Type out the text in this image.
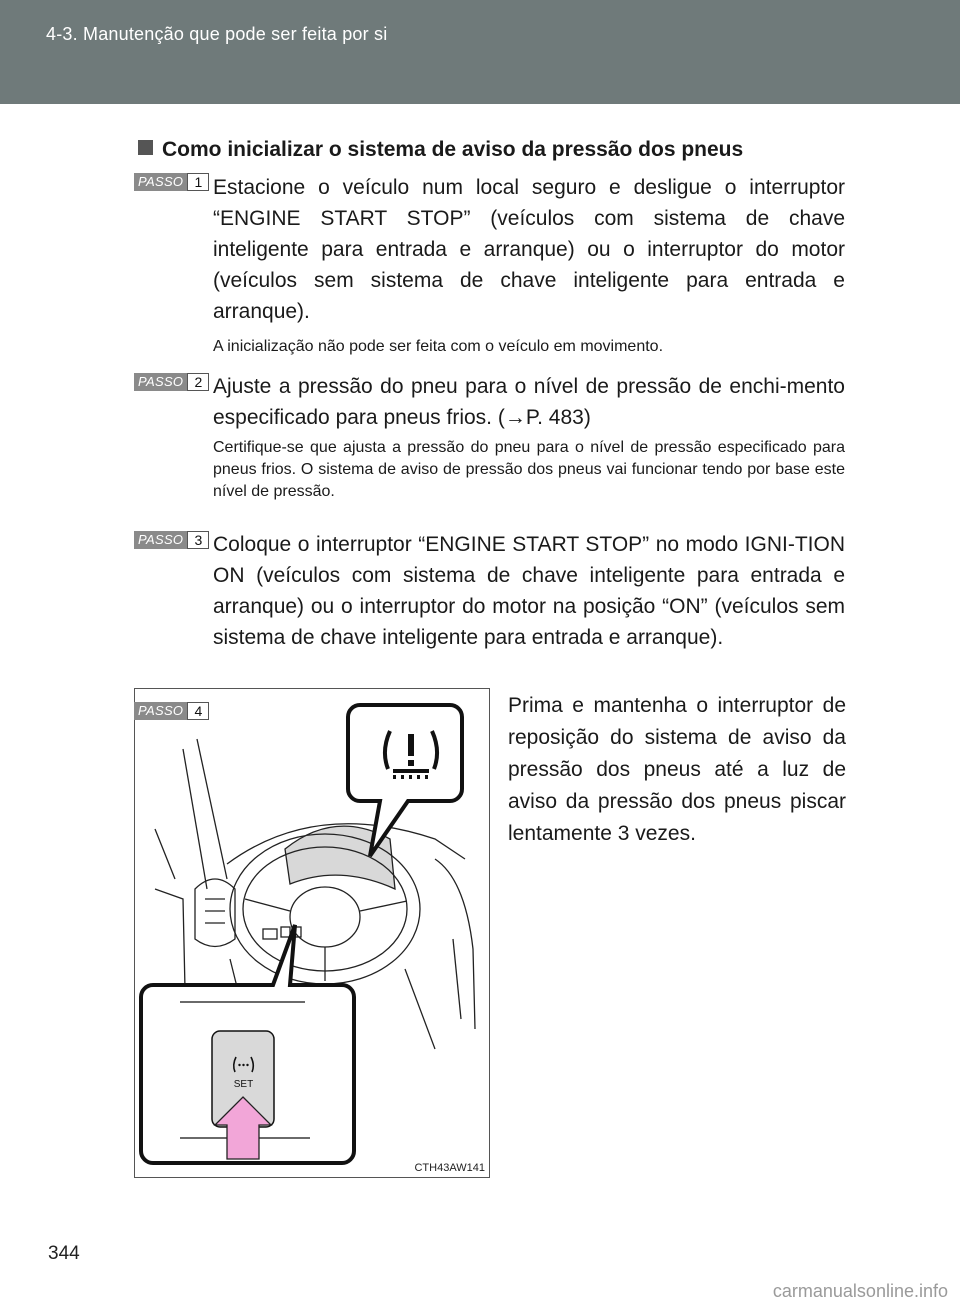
4-3. Manutenção que pode ser feita por si
Como inicializar o sistema de aviso da pressão dos pneus
PASSO 1 Estacione o veículo num local seguro e desligue o interruptor “ENGINE START STOP” (veículos com sistema de chave inteligente para entrada e arranque) ou o interruptor do motor (veículos sem sistema de chave inteligente para entrada e arranque).
A inicialização não pode ser feita com o veículo em movimento.
PASSO 2 Ajuste a pressão do pneu para o nível de pressão de enchi-mento especificado para pneus frios. (→P. 483)
Certifique-se que ajusta a pressão do pneu para o nível de pressão especificado para pneus frios. O sistema de aviso de pressão dos pneus vai funcionar tendo por base este nível de pressão.
PASSO 3 Coloque o interruptor “ENGINE START STOP” no modo IGNI-TION ON (veículos com sistema de chave inteligente para entrada e arranque) ou o interruptor do motor na posição “ON” (veículos sem sistema de chave inteligente para entrada e arranque).
SET
CTH43AW141
PASSO 4	Prima e mantenha o interruptor de reposição do sistema de aviso da pressão dos pneus até a luz de aviso da pressão dos pneus piscar lentamente 3 vezes.
344
carmanualsonline.info
